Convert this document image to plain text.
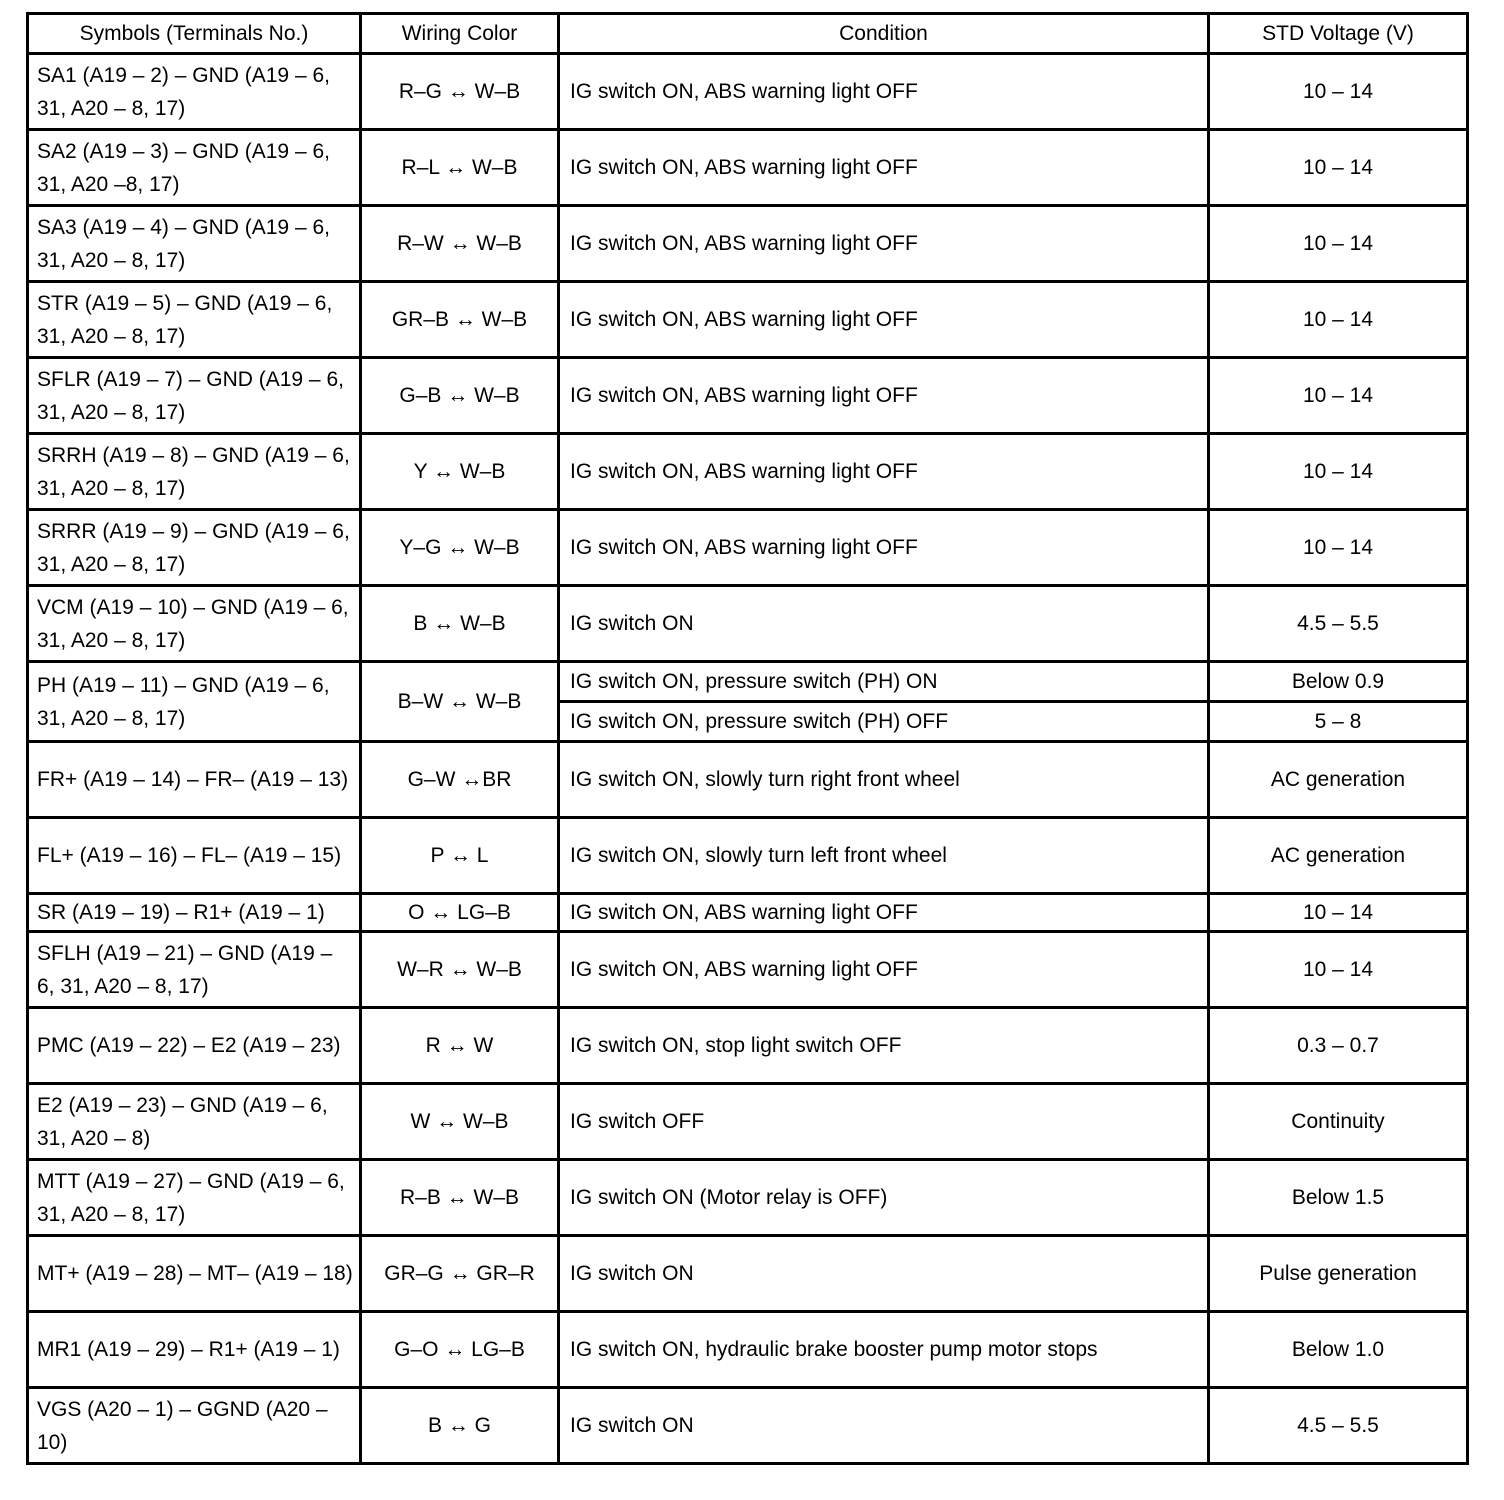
Symbols (Terminals No.)	Wiring Color	Condition	STD Voltage (V)
SA1 (A19 – 2) – GND (A19 – 6, 31, A20 – 8, 17)	R–G ↔ W–B	IG switch ON, ABS warning light OFF	10 – 14
SA2 (A19 – 3) – GND (A19 – 6, 31, A20 –8, 17)	R–L ↔ W–B	IG switch ON, ABS warning light OFF	10 – 14
SA3 (A19 – 4) – GND (A19 – 6, 31, A20 – 8, 17)	R–W ↔ W–B	IG switch ON, ABS warning light OFF	10 – 14
STR (A19 – 5) – GND (A19 – 6, 31, A20 – 8, 17)	GR–B ↔ W–B	IG switch ON, ABS warning light OFF	10 – 14
SFLR (A19 – 7) – GND (A19 – 6, 31, A20 – 8, 17)	G–B ↔ W–B	IG switch ON, ABS warning light OFF	10 – 14
SRRH (A19 – 8) – GND (A19 – 6, 31, A20 – 8, 17)	Y ↔ W–B	IG switch ON, ABS warning light OFF	10 – 14
SRRR (A19 – 9) – GND (A19 – 6, 31, A20 – 8, 17)	Y–G ↔ W–B	IG switch ON, ABS warning light OFF	10 – 14
VCM (A19 – 10) – GND (A19 – 6, 31, A20 – 8, 17)	B ↔ W–B	IG switch ON	4.5 – 5.5
PH (A19 – 11) – GND (A19 – 6, 31, A20 – 8, 17)	B–W ↔ W–B	IG switch ON, pressure switch (PH) ON	Below 0.9
		IG switch ON, pressure switch (PH) OFF	5 – 8
FR+ (A19 – 14) – FR– (A19 – 13)	G–W ↔BR	IG switch ON, slowly turn right front wheel	AC generation
FL+ (A19 – 16) – FL– (A19 – 15)	P ↔ L	IG switch ON, slowly turn left front wheel	AC generation
SR (A19 – 19) – R1+ (A19 – 1)	O ↔ LG–B	IG switch ON, ABS warning light OFF	10 – 14
SFLH (A19 – 21) – GND (A19 – 6, 31, A20 – 8, 17)	W–R ↔ W–B	IG switch ON, ABS warning light OFF	10 – 14
PMC (A19 – 22) – E2 (A19 – 23)	R ↔ W	IG switch ON, stop light switch OFF	0.3 – 0.7
E2 (A19 – 23) – GND (A19 – 6, 31, A20 – 8)	W ↔ W–B	IG switch OFF	Continuity
MTT (A19 – 27) – GND (A19 – 6, 31, A20 – 8, 17)	R–B ↔ W–B	IG switch ON (Motor relay is OFF)	Below 1.5
MT+ (A19 – 28) – MT– (A19 – 18)	GR–G ↔ GR–R	IG switch ON	Pulse generation
MR1 (A19 – 29) – R1+ (A19 – 1)	G–O ↔ LG–B	IG switch ON, hydraulic brake booster pump motor stops	Below 1.0
VGS (A20 – 1) – GGND (A20 – 10)	B ↔ G	IG switch ON	4.5 – 5.5
